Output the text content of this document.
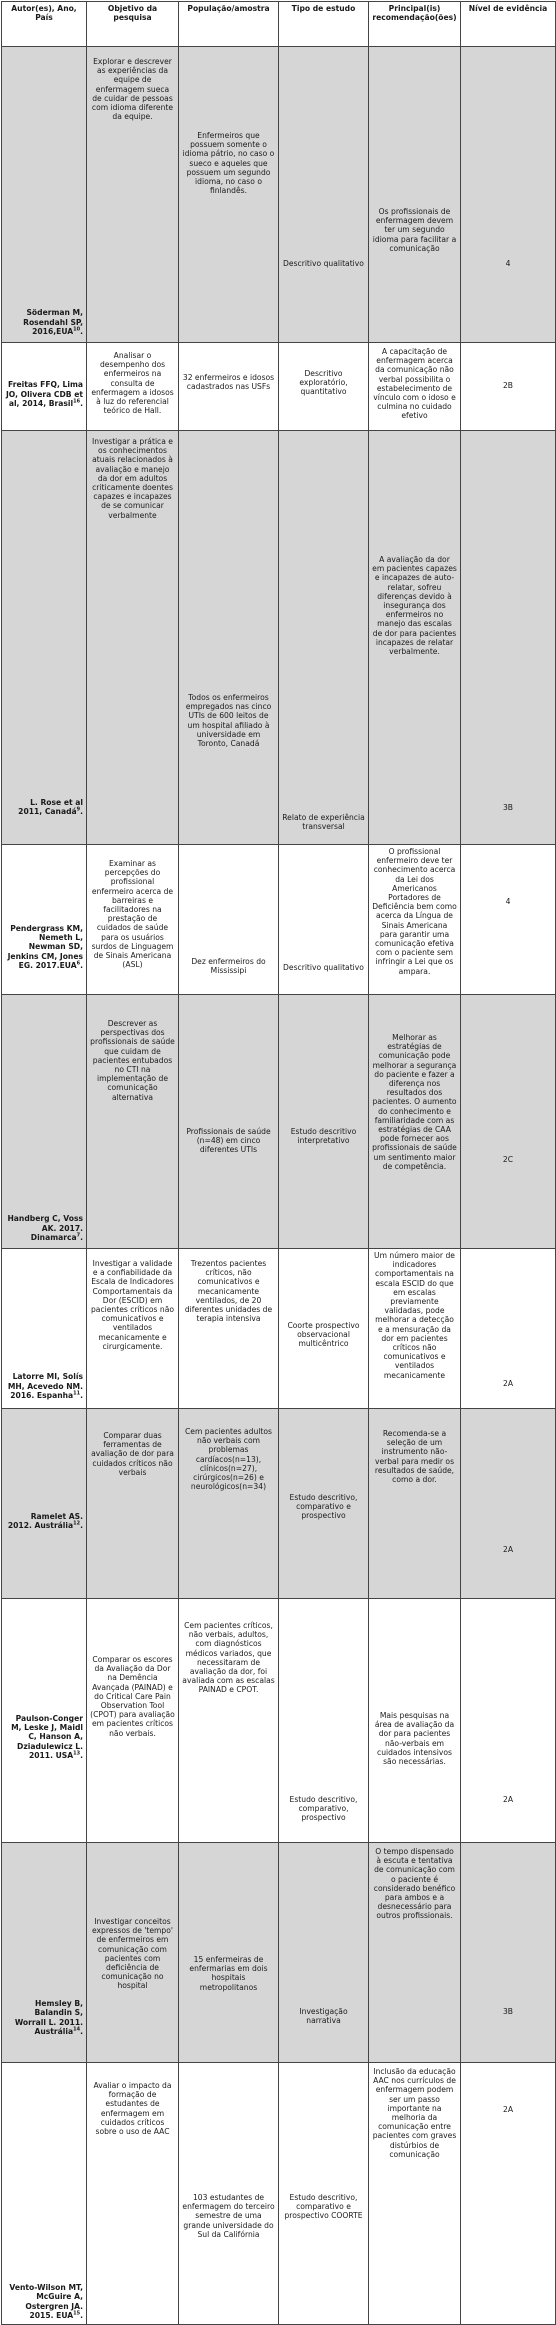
Autor(es), Ano, País	Objetivo da pesquisa	População/amostra	Tipo de estudo	Principal(is) recomendação(ões)	Nível de evidência

Söderman M, Rosendahl SP, 2016,EUA$^{10}$.	Explorar e descrever as experiências da equipe de enfermagem sueca de cuidar de pessoas com idioma diferente da equipe.	Enfermeiros que possuem somente o idioma pátrio, no caso o sueco e aqueles que possuem um segundo idioma, no caso o finlandês.	Descritivo qualitativo	Os profissionais de enfermagem devem ter um segundo idioma para facilitar a comunicação	4

Freitas FFQ, Lima JO, Olivera CDB et al, 2014, Brasil$^{16}$.	Analisar o desempenho dos enfermeiros na consulta de enfermagem a idosos à luz do referencial teórico de Hall.	32 enfermeiros e idosos cadastrados nas USFs	Descritivo exploratório, quantitativo	A capacitação de enfermagem acerca da comunicação não verbal possibilita o estabelecimento de vínculo com o idoso e culmina no cuidado efetivo	2B

L. Rose et al 2011, Canadá$^9$.	Investigar a prática e os conhecimentos atuais relacionados à avaliação e manejo da dor em adultos criticamente doentes capazes e incapazes de se comunicar verbalmente	Todos os enfermeiros empregados nas cinco UTIs de 600 leitos de um hospital afiliado à universidade em Toronto, Canadá	Relato de experiência transversal	A avaliação da dor em pacientes capazes e incapazes de auto-relatar, sofreu diferenças devido à insegurança dos enfermeiros no manejo das escalas de dor para pacientes incapazes de relatar verbalmente.	3B

Pendergrass KM, Nemeth L, Newman SD, Jenkins CM, Jones EG. 2017.EUA$^6$.	Examinar as percepções do profissional enfermeiro acerca de barreiras e facilitadores na prestação de cuidados de saúde para os usuários surdos de Linguagem de Sinais Americana (ASL)	Dez enfermeiros do Mississipi	Descritivo qualitativo	O profissional enfermeiro deve ter conhecimento acerca da Lei dos Americanos Portadores de Deficiência bem como acerca da Língua de Sinais Americana para garantir uma comunicação efetiva com o paciente sem infringir a Lei que os ampara.	4

Handberg C, Voss AK. 2017. Dinamarca$^7$.	Descrever as perspectivas dos profissionais de saúde que cuidam de pacientes entubados no CTI na implementação de comunicação alternativa	Profissionais de saúde (n=48) em cinco diferentes UTIs	Estudo descritivo interpretativo	Melhorar as estratégias de comunicação pode melhorar a segurança do paciente e fazer a diferença nos resultados dos pacientes. O aumento do conhecimento e familiaridade com as estratégias de CAA pode fornecer aos profissionais de saúde um sentimento maior de competência.	2C

Latorre MI, Solís MH, Acevedo NM. 2016. Espanha$^{11}$.	Investigar a validade e a confiabilidade da Escala de Indicadores Comportamentais da Dor (ESCID) em pacientes críticos não comunicativos e ventilados mecanicamente e cirurgicamente.	Trezentos pacientes críticos, não comunicativos e mecanicamente ventilados, de 20 diferentes unidades de terapia intensiva	Coorte prospectivo observacional multicêntrico	Um número maior de indicadores comportamentais na escala ESCID do que em escalas previamente validadas, pode melhorar a detecção e a mensuração da dor em pacientes críticos não comunicativos e ventilados mecanicamente	2A

Ramelet AS. 2012. Austrália$^{12}$.	Comparar duas ferramentas de avaliação de dor para cuidados críticos não verbais	Cem pacientes adultos não verbais com problemas cardíacos(n=13), clínicos(n=27), cirúrgicos(n=26) e neurológicos(n=34)	Estudo descritivo, comparativo e prospectivo	Recomenda-se a seleção de um instrumento não-verbal para medir os resultados de saúde, como a dor.	2A

Paulson-Conger M, Leske J, Maidl C, Hanson A, Dziadulewicz L. 2011. USA$^{13}$.	Comparar os escores da Avaliação da Dor na Demência Avançada (PAINAD) e do Critical Care Pain Observation Tool (CPOT) para avaliação em pacientes críticos não verbais.	Cem pacientes críticos, não verbais, adultos, com diagnósticos médicos variados, que necessitaram de avaliação da dor, foi avaliada com as escalas PAINAD e CPOT.	Estudo descritivo, comparativo, prospectivo	Mais pesquisas na área de avaliação da dor para pacientes não-verbais em cuidados intensivos são necessárias.	2A

Hemsley B, Balandin S, Worrall L. 2011. Austrália$^{14}$.	Investigar conceitos expressos de 'tempo' de enfermeiros em comunicação com pacientes com deficiência de comunicação no hospital	15 enfermeiras de enfermarias em dois hospitais metropolitanos	Investigação narrativa	O tempo dispensado à escuta e tentativa de comunicação com o paciente é considerado benéfico para ambos e a desnecessário para outros profissionais.	3B

Vento-Wilson MT, McGuire A, Ostergren JA. 2015. EUA$^{15}$.	Avaliar o impacto da formação de estudantes de enfermagem em cuidados críticos sobre o uso de AAC	103 estudantes de enfermagem do terceiro semestre de uma grande universidade do Sul da Califórnia	Estudo descritivo, comparativo e prospectivo COORTE	Inclusão da educação AAC nos currículos de enfermagem podem ser um passo importante na melhoria da comunicação entre pacientes com graves distúrbios de comunicação	2A
